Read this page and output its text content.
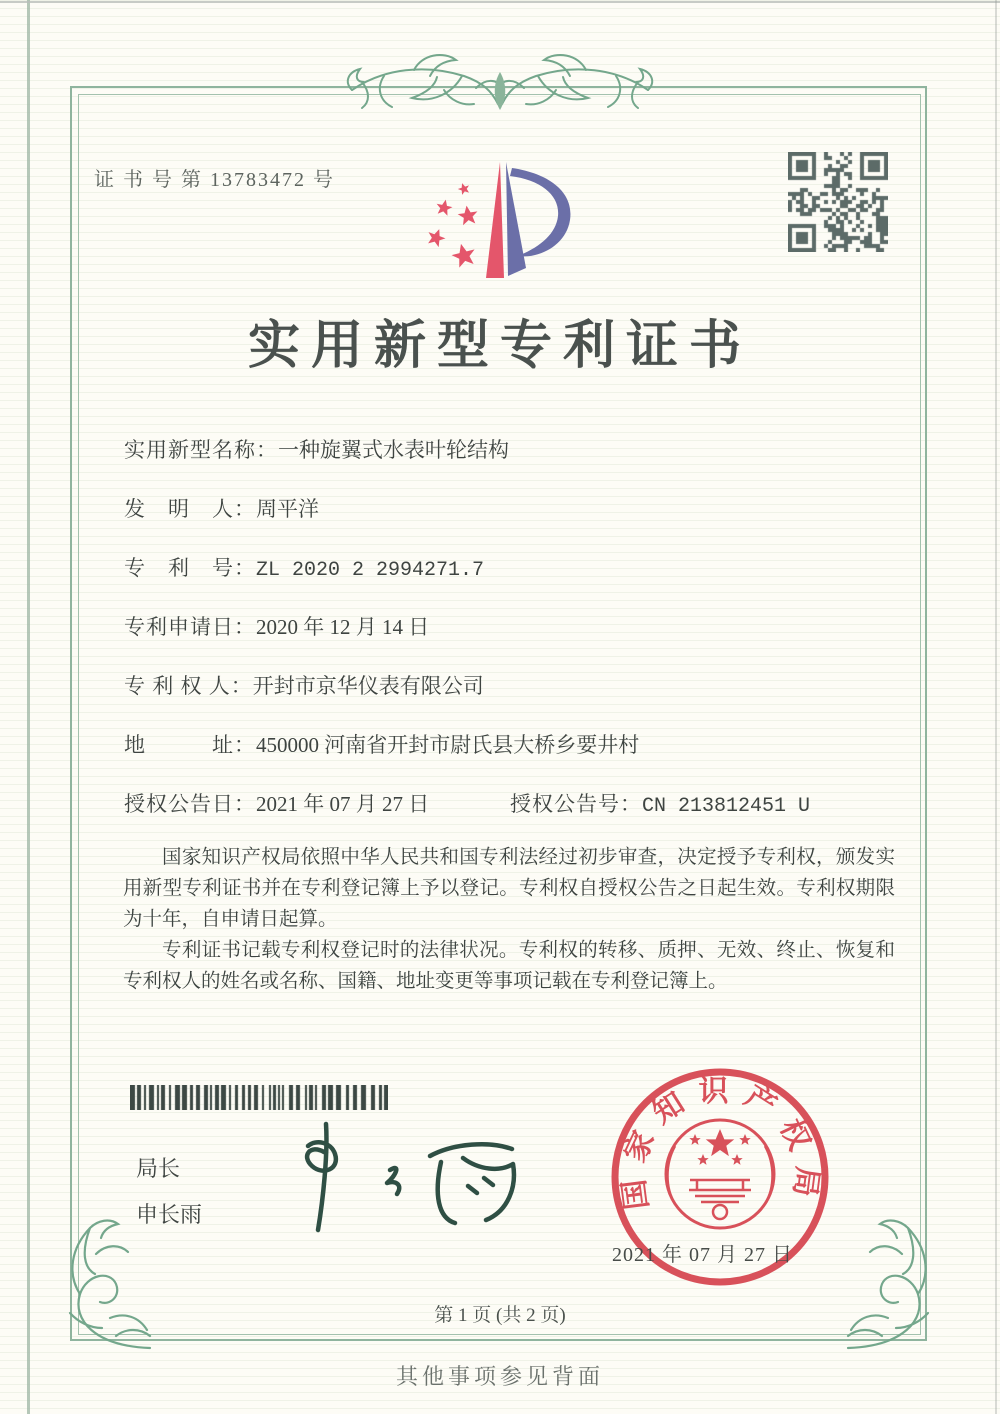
证 书 号 第 13783472 号
实用新型专利证书
实用新型名称：一种旋翼式水表叶轮结构
发　明　人：周平洋
专　利　号：ZL 2020 2 2994271.7
专利申请日：2020 年 12 月 14 日
专 利 权 人：开封市京华仪表有限公司
地　　　址：450000 河南省开封市尉氏县大桥乡要井村
授权公告日：2021 年 07 月 27 日	授权公告号：CN 213812451 U

国家知识产权局依照中华人民共和国专利法经过初步审查，决定授予专利权，颁发实用新型专利证书并在专利登记簿上予以登记。专利权自授权公告之日起生效。专利权期限为十年，自申请日起算。

专利证书记载专利权登记时的法律状况。专利权的转移、质押、无效、终止、恢复和专利权人的姓名或名称、国籍、地址变更等事项记载在专利登记簿上。

局长
申长雨
国家知识产权局
2021 年 07 月 27 日
第 1 页 (共 2 页)
其他事项参见背面
